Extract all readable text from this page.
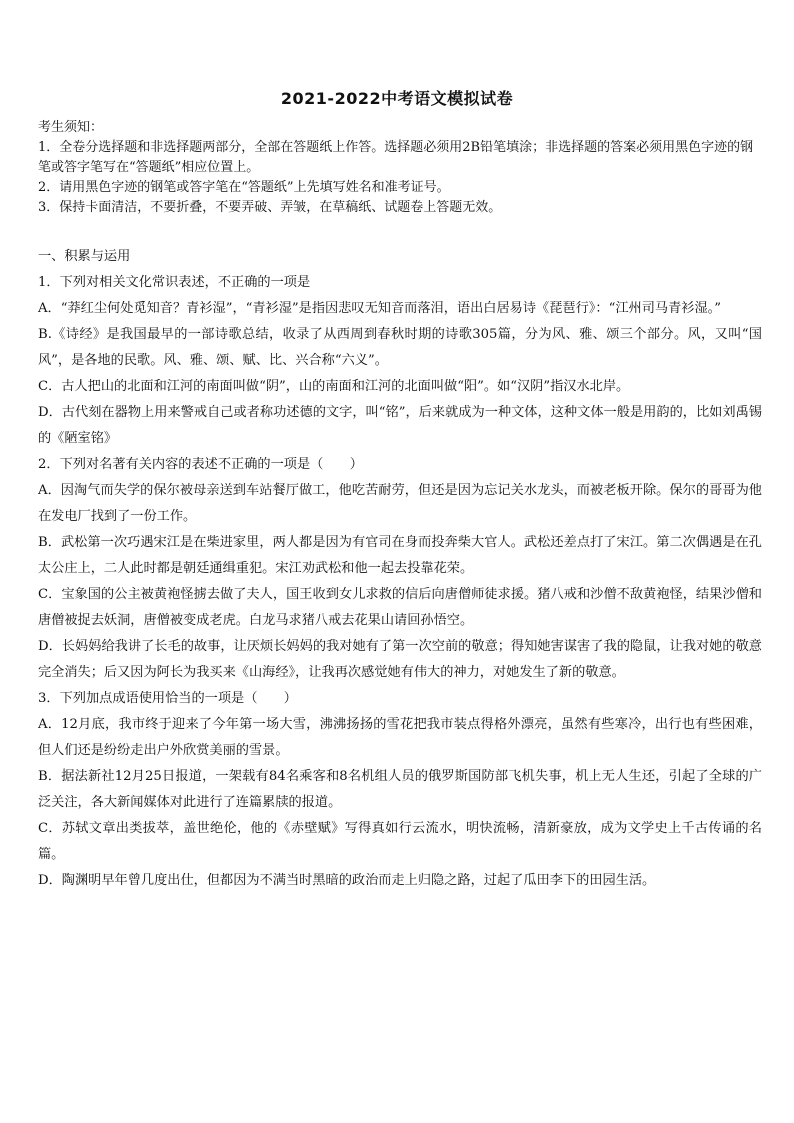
2021-2022中考语文模拟试卷
考生须知：
1．全卷分选择题和非选择题两部分，全部在答题纸上作答。选择题必须用2B铅笔填涂；非选择题的答案必须用黑色字迹的钢笔或答字笔写在“答题纸”相应位置上。
2．请用黑色字迹的钢笔或答字笔在“答题纸”上先填写姓名和准考证号。
3．保持卡面清洁，不要折叠，不要弄破、弄皱，在草稿纸、试题卷上答题无效。
一、积累与运用
1．下列对相关文化常识表述，不正确的一项是
A．“莽红尘何处觅知音？青衫湿”，“青衫湿”是指因悲叹无知音而落泪，语出白居易诗《琵琶行》：“江州司马青衫湿。”
B.《诗经》是我国最早的一部诗歌总结，收录了从西周到春秋时期的诗歌305篇，分为风、雅、颂三个部分。风，又叫“国风”，是各地的民歌。风、雅、颂、赋、比、兴合称“六义”。
C．古人把山的北面和江河的南面叫做“阴”，山的南面和江河的北面叫做“阳”。如“汉阴”指汉水北岸。
D．古代刻在器物上用来警戒自己或者称功述德的文字，叫“铭”，后来就成为一种文体，这种文体一般是用韵的，比如刘禹锡的《陋室铭》
2．下列对名著有关内容的表述不正确的一项是（　　）
A．因淘气而失学的保尔被母亲送到车站餐厅做工，他吃苦耐劳，但还是因为忘记关水龙头，而被老板开除。保尔的哥哥为他在发电厂找到了一份工作。
B．武松第一次巧遇宋江是在柴进家里，两人都是因为有官司在身而投奔柴大官人。武松还差点打了宋江。第二次偶遇是在孔太公庄上，二人此时都是朝廷通缉重犯。宋江劝武松和他一起去投靠花荣。
C．宝象国的公主被黄袍怪掳去做了夫人，国王收到女儿求救的信后向唐僧师徒求援。猪八戒和沙僧不敌黄袍怪，结果沙僧和唐僧被捉去妖洞，唐僧被变成老虎。白龙马求猪八戒去花果山请回孙悟空。
D．长妈妈给我讲了长毛的故事，让厌烦长妈妈的我对她有了第一次空前的敬意；得知她害谋害了我的隐鼠，让我对她的敬意完全消失；后又因为阿长为我买来《山海经》，让我再次感觉她有伟大的神力，对她发生了新的敬意。
3．下列加点成语使用恰当的一项是（　　）
A．12月底，我市终于迎来了今年第一场大雪，沸沸扬扬的雪花把我市装点得格外漂亮，虽然有些寒冷，出行也有些困难，但人们还是纷纷走出户外欣赏美丽的雪景。
B．据法新社12月25日报道，一架载有84名乘客和8名机组人员的俄罗斯国防部飞机失事，机上无人生还，引起了全球的广泛关注，各大新闻媒体对此进行了连篇累牍的报道。
C．苏轼文章出类拔萃，盖世绝伦，他的《赤壁赋》写得真如行云流水，明快流畅，清新豪放，成为文学史上千古传诵的名篇。
D．陶渊明早年曾几度出仕，但都因为不满当时黑暗的政治而走上归隐之路，过起了瓜田李下的田园生活。
